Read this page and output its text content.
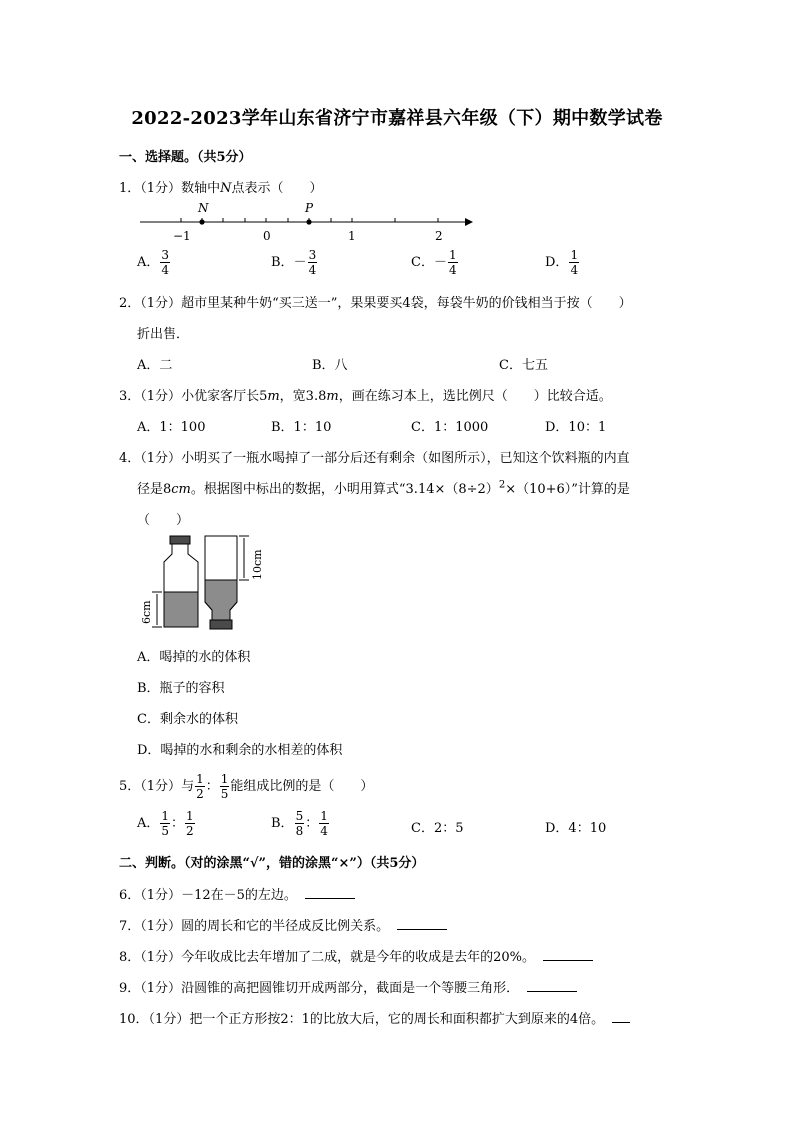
2022-2023学年山东省济宁市嘉祥县六年级（下）期中数学试卷
一、选择题。（共5分）
1．（1分）数轴中N点表示（　　）
N	P
−1	0	1	2
A． $\frac{3}{4}$	B．－ $\frac{3}{4}$	C．－ $\frac{1}{4}$	D． $\frac{1}{4}$
2．（1分）超市里某种牛奶“买三送一”，果果要买4袋，每袋牛奶的价钱相当于按（　　）
折出售．
A．二	B．八	C．七五
3．（1分）小优家客厅长5m，宽3.8m，画在练习本上，选比例尺（　　）比较合适。
A．1：100	B．1：10	C．1：1000	D．10：1
4．（1分）小明买了一瓶水喝掉了一部分后还有剩余（如图所示），已知这个饮料瓶的内直
径是8cm。根据图中标出的数据，小明用算式“$3.14\times(8\div 2)^2\times(10+6)$”计算的是
（　　）
6cm
10cm
A．喝掉的水的体积
B．瓶子的容积
C．剩余水的体积
D．喝掉的水和剩余的水相差的体积
5．（1分）与 $\frac{1}{2}$ ： $\frac{1}{5}$ 能组成比例的是（　　）
A． $\frac{1}{5}$ ： $\frac{1}{2}$	B． $\frac{5}{8}$ ： $\frac{1}{4}$	C．2：5	D．4：10
二、判断。（对的涂黑“√”，错的涂黑“×”）（共5分）
6．（1分）－12在－5的左边。
7．（1分）圆的周长和它的半径成反比例关系。
8．（1分）今年收成比去年增加了二成，就是今年的收成是去年的20%。
9．（1分）沿圆锥的高把圆锥切开成两部分，截面是一个等腰三角形．
10．（1分）把一个正方形按2：1的比放大后，它的周长和面积都扩大到原来的4倍。
